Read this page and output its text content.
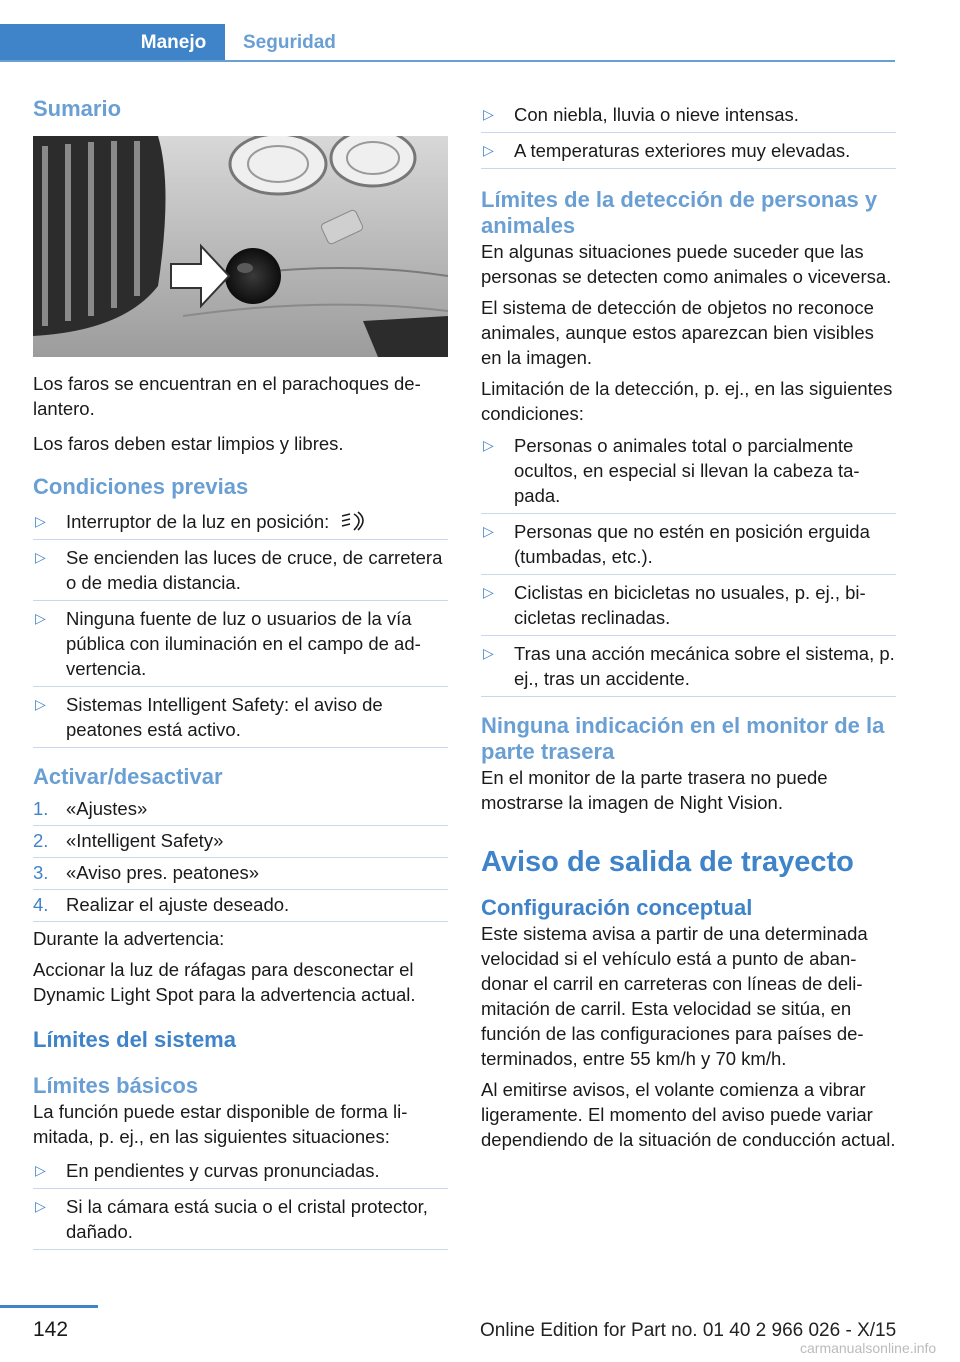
Manejo	Seguridad
Sumario

Los faros se encuentran en el parachoques delantero.

Los faros deben estar limpios y libres.

Condiciones previas
▷ Interruptor de la luz en posición:
▷ Se encienden las luces de cruce, de carretera o de media distancia.
▷ Ninguna fuente de luz o usuarios de la vía pública con iluminación en el campo de advertencia.
▷ Sistemas Intelligent Safety: el aviso de peatones está activo.
Activar/desactivar
1. «Ajustes»
2. «Intelligent Safety»
3. «Aviso pres. peatones»
4. Realizar el ajuste deseado.

Durante la advertencia:

Accionar la luz de ráfagas para desconectar el Dynamic Light Spot para la advertencia actual.

Límites del sistema
Límites básicos

La función puede estar disponible de forma limitada, p. ej., en las siguientes situaciones:

▷ En pendientes y curvas pronunciadas.
▷ Si la cámara está sucia o el cristal protector, dañado.
▷ Con niebla, lluvia o nieve intensas.
▷ A temperaturas exteriores muy elevadas.
Límites de la detección de personas y animales

En algunas situaciones puede suceder que las personas se detecten como animales o viceversa.

El sistema de detección de objetos no reconoce animales, aunque estos aparezcan bien visibles en la imagen.

Limitación de la detección, p. ej., en las siguientes condiciones:

▷ Personas o animales total o parcialmente ocultos, en especial si llevan la cabeza tapada.
▷ Personas que no estén en posición erguida (tumbadas, etc.).
▷ Ciclistas en bicicletas no usuales, p. ej., bicicletas reclinadas.
▷ Tras una acción mecánica sobre el sistema, p. ej., tras un accidente.
Ninguna indicación en el monitor de la parte trasera

En el monitor de la parte trasera no puede mostrarse la imagen de Night Vision.

Aviso de salida de trayecto
Configuración conceptual

Este sistema avisa a partir de una determinada velocidad si el vehículo está a punto de abandonar el carril en carreteras con líneas de delimitación de carril. Esta velocidad se sitúa, en función de las configuraciones para países determinados, entre 55 km/h y 70 km/h.

Al emitirse avisos, el volante comienza a vibrar ligeramente. El momento del aviso puede variar dependiendo de la situación de conducción actual.

142	Online Edition for Part no. 01 40 2 966 026 - X/15
carmanualsonline.info
